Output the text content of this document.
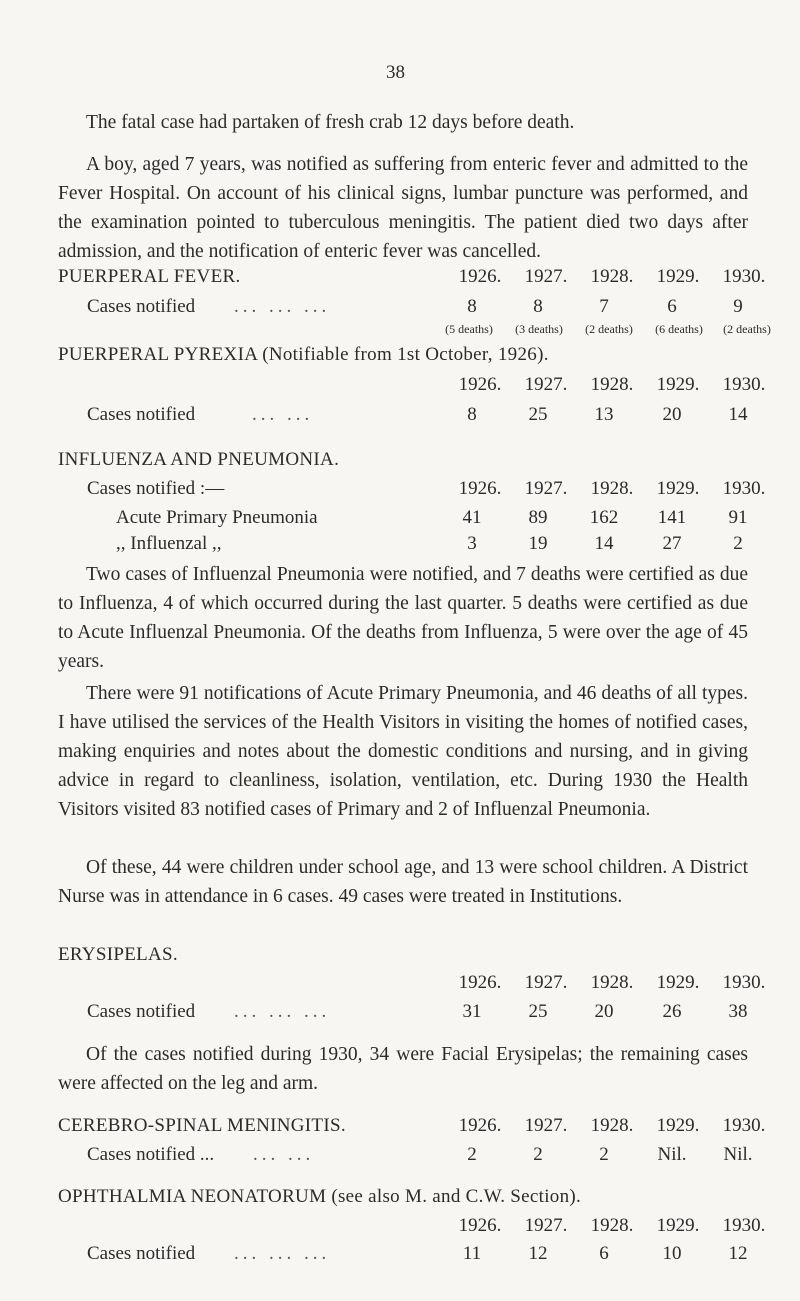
38
The fatal case had partaken of fresh crab 12 days before death.
A boy, aged 7 years, was notified as suffering from enteric fever and admitted to the Fever Hospital. On account of his clinical signs, lumbar puncture was performed, and the examination pointed to tuberculous meningitis. The patient died two days after admission, and the notification of enteric fever was cancelled.
PUERPERAL FEVER.	1926.	1927.	1928.	1929.	1930.
Cases notified ... ... ...	8	8	7	6	9
(5 deaths)	(3 deaths)	(2 deaths)	(6 deaths)	(2 deaths)
PUERPERAL PYREXIA (Notifiable from 1st October, 1926).
1926.	1927.	1928.	1929.	1930.
Cases notified	... ...	8	25	13	20	14
INFLUENZA AND PNEUMONIA.
Cases notified :—	1926.	1927.	1928.	1929.	1930.
Acute Primary Pneumonia	41	89	162	141	91
,, Influenzal ,,	3	19	14	27	2
Two cases of Influenzal Pneumonia were notified, and 7 deaths were certified as due to Influenza, 4 of which occurred during the last quarter. 5 deaths were certified as due to Acute Influenzal Pneumonia. Of the deaths from Influenza, 5 were over the age of 45 years.
There were 91 notifications of Acute Primary Pneumonia, and 46 deaths of all types. I have utilised the services of the Health Visitors in visiting the homes of notified cases, making enquiries and notes about the domestic conditions and nursing, and in giving advice in regard to cleanliness, isolation, ventilation, etc. During 1930 the Health Visitors visited 83 notified cases of Primary and 2 of Influenzal Pneumonia.
Of these, 44 were children under school age, and 13 were school children. A District Nurse was in attendance in 6 cases. 49 cases were treated in Institutions.
ERYSIPELAS.
1926.	1927.	1928.	1929.	1930.
Cases notified ... ... ...	31	25	20	26	38
Of the cases notified during 1930, 34 were Facial Erysipelas; the remaining cases were affected on the leg and arm.
CEREBRO-SPINAL MENINGITIS.	1926.	1927.	1928.	1929.	1930.
Cases notified ... ... ...	2	2	2	Nil.	Nil.
OPHTHALMIA NEONATORUM (see also M. and C.W. Section).
1926.	1927.	1928.	1929.	1930.
Cases notified ... ... ...	11	12	6	10	12
